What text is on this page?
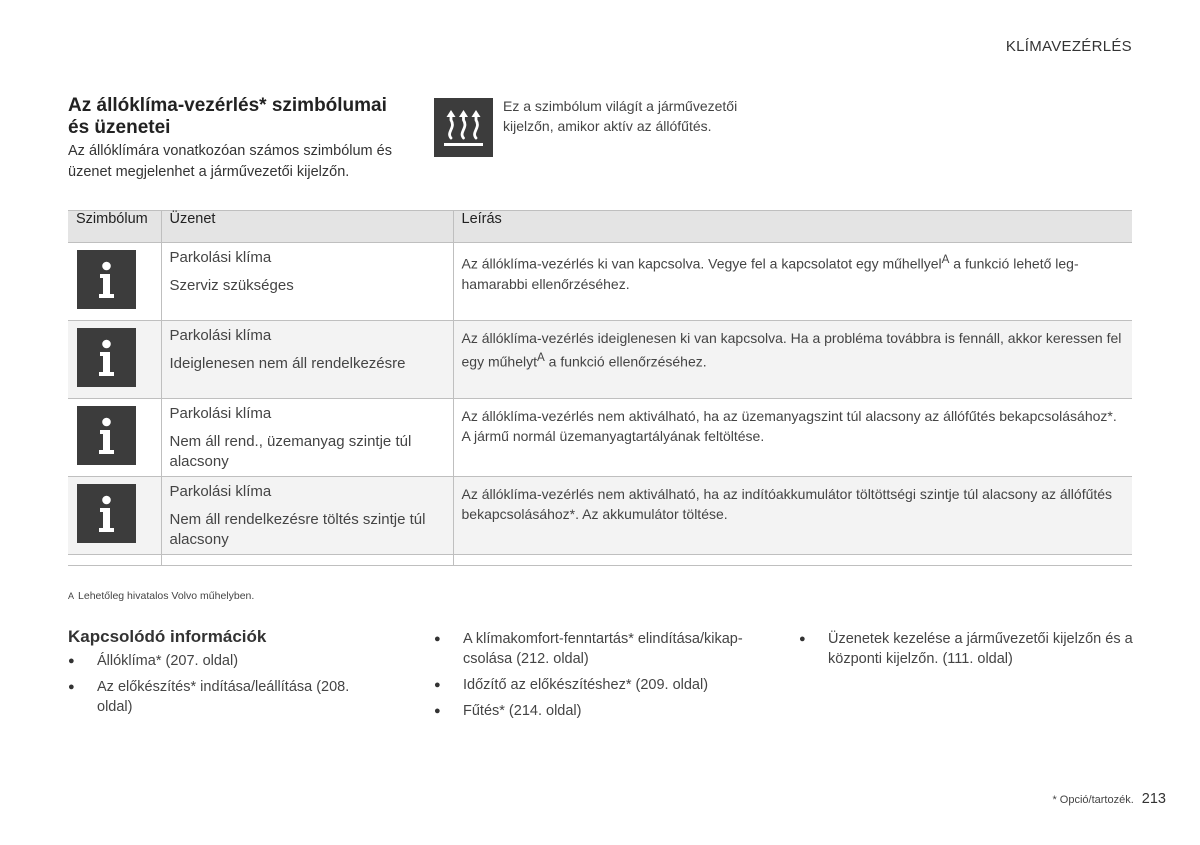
KLÍMAVEZÉRLÉS
Az állóklíma-vezérlés* szimbólumai és üzenetei

Az állóklímára vonatkozóan számos szimbólum és üzenet megjelenhet a járművezetői kijelzőn.

Ez a szimbólum világít a járművezetői kijelzőn, amikor aktív az állófűtés.

Szimbólum	Üzenet	Leírás

Parkolási klíma
Szerviz szükséges	Az állóklíma-vezérlés ki van kapcsolva. Vegye fel a kapcsolatot egy műhellyel$^A$ a funkció lehető leghamarabbi ellenőrzéséhez.

Parkolási klíma
Ideiglenesen nem áll rendelkezésre	Az állóklíma-vezérlés ideiglenesen ki van kapcsolva. Ha a probléma továbbra is fennáll, akkor keressen fel egy műhelyt$^A$ a funkció ellenőrzéséhez.

Parkolási klíma
Nem áll rend., üzemanyag szintje túl alacsony	Az állóklíma-vezérlés nem aktiválható, ha az üzemanyagszint túl alacsony az állófűtés bekapcsolásához*. A jármű normál üzemanyagtartályának feltöltése.

Parkolási klíma
Nem áll rendelkezésre töltés szintje túl alacsony	Az állóklíma-vezérlés nem aktiválható, ha az indítóakkumulátor töltöttségi szintje túl alacsony az állófűtés bekapcsolásához*. Az akkumulátor töltése.

A Lehetőleg hivatalos Volvo műhelyben.
Kapcsolódó információk
● Állóklíma* (207. oldal)
● Az előkészítés* indítása/leállítása (208. oldal)
● A klímakomfort-fenntartás* elindítása/kikapcsolása (212. oldal)
● Időzítő az előkészítéshez* (209. oldal)
● Fűtés* (214. oldal)
● Üzenetek kezelése a járművezetői kijelzőn és a központi kijelzőn. (111. oldal)
* Opció/tartozék. 213
